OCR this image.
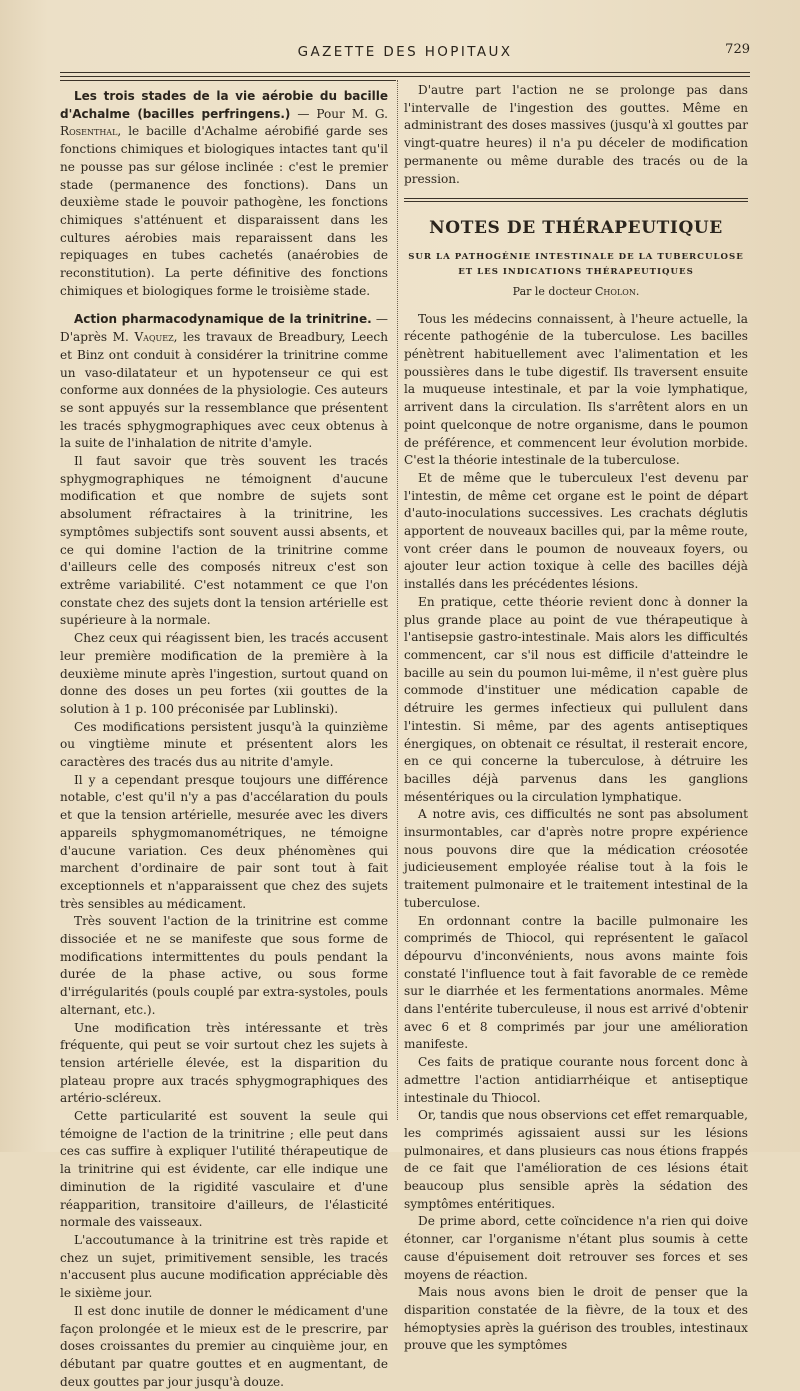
GAZETTE DES HOPITAUX	729

Les trois stades de la vie aérobie du bacille d'Achalme (bacilles perfringens.) — Pour M. G. Rosenthal, le bacille d'Achalme aérobifié garde ses fonctions chimiques et biologiques intactes tant qu'il ne pousse pas sur gélose inclinée : c'est le premier stade (permanence des fonctions). Dans un deuxième stade le pouvoir pathogène, les fonctions chimiques s'atténuent et disparaissent dans les cultures aérobies mais reparaissent dans les repiquages en tubes cachetés (anaérobies de reconstitution). La perte définitive des fonctions chimiques et biologiques forme le troisième stade.

Action pharmacodynamique de la trinitrine. — D'après M. Vaquez, les travaux de Breadbury, Leech et Binz ont conduit à considérer la trinitrine comme un vaso-dilatateur et un hypotenseur ce qui est conforme aux données de la physiologie. Ces auteurs se sont appuyés sur la ressemblance que présentent les tracés sphygmographiques avec ceux obtenus à la suite de l'inhalation de nitrite d'amyle.

Il faut savoir que très souvent les tracés sphygmographiques ne témoignent d'aucune modification et que nombre de sujets sont absolument réfractaires à la trinitrine, les symptômes subjectifs sont souvent aussi absents, et ce qui domine l'action de la trinitrine comme d'ailleurs celle des composés nitreux c'est son extrême variabilité. C'est notamment ce que l'on constate chez des sujets dont la tension artérielle est supérieure à la normale.

Chez ceux qui réagissent bien, les tracés accusent leur première modification de la première à la deuxième minute après l'ingestion, surtout quand on donne des doses un peu fortes (xii gouttes de la solution à 1 p. 100 préconisée par Lublinski).

Ces modifications persistent jusqu'à la quinzième ou vingtième minute et présentent alors les caractères des tracés dus au nitrite d'amyle.

Il y a cependant presque toujours une différence notable, c'est qu'il n'y a pas d'accélaration du pouls et que la tension artérielle, mesurée avec les divers appareils sphygmomanométriques, ne témoigne d'aucune variation. Ces deux phénomènes qui marchent d'ordinaire de pair sont tout à fait exceptionnels et n'apparaissent que chez des sujets très sensibles au médicament.

Très souvent l'action de la trinitrine est comme dissociée et ne se manifeste que sous forme de modifications intermittentes du pouls pendant la durée de la phase active, ou sous forme d'irrégularités (pouls couplé par extra-systoles, pouls alternant, etc.).

Une modification très intéressante et très fréquente, qui peut se voir surtout chez les sujets à tension artérielle élevée, est la disparition du plateau propre aux tracés sphygmographiques des artério-scléreux.

Cette particularité est souvent la seule qui témoigne de l'action de la trinitrine ; elle peut dans ces cas suffire à expliquer l'utilité thérapeutique de la trinitrine qui est évidente, car elle indique une diminution de la rigidité vasculaire et d'une réapparition, transitoire d'ailleurs, de l'élasticité normale des vaisseaux.

L'accoutumance à la trinitrine est très rapide et chez un sujet, primitivement sensible, les tracés n'accusent plus aucune modification appréciable dès le sixième jour.

Il est donc inutile de donner le médicament d'une façon prolongée et le mieux est de le prescrire, par doses croissantes du premier au cinquième jour, en débutant par quatre gouttes et en augmentant, de deux gouttes par jour jusqu'à douze.

D'autre part l'action ne se prolonge pas dans l'intervalle de l'ingestion des gouttes. Même en administrant des doses massives (jusqu'à xl gouttes par vingt-quatre heures) il n'a pu déceler de modification permanente ou même durable des tracés ou de la pression.

NOTES DE THÉRAPEUTIQUE
SUR LA PATHOGÉNIE INTESTINALE DE LA TUBERCULOSE
ET LES INDICATIONS THÉRAPEUTIQUES
Par le docteur Cholon.

Tous les médecins connaissent, à l'heure actuelle, la récente pathogénie de la tuberculose. Les bacilles pénètrent habituellement avec l'alimentation et les poussières dans le tube digestif. Ils traversent ensuite la muqueuse intestinale, et par la voie lymphatique, arrivent dans la circulation. Ils s'arrêtent alors en un point quelconque de notre organisme, dans le poumon de préférence, et commencent leur évolution morbide. C'est la théorie intestinale de la tuberculose.

Et de même que le tuberculeux l'est devenu par l'intestin, de même cet organe est le point de départ d'auto-inoculations successives. Les crachats déglutis apportent de nouveaux bacilles qui, par la même route, vont créer dans le poumon de nouveaux foyers, ou ajouter leur action toxique à celle des bacilles déjà installés dans les précédentes lésions.

En pratique, cette théorie revient donc à donner la plus grande place au point de vue thérapeutique à l'antisepsie gastro-intestinale. Mais alors les difficultés commencent, car s'il nous est difficile d'atteindre le bacille au sein du poumon lui-même, il n'est guère plus commode d'instituer une médication capable de détruire les germes infectieux qui pullulent dans l'intestin. Si même, par des agents antiseptiques énergiques, on obtenait ce résultat, il resterait encore, en ce qui concerne la tuberculose, à détruire les bacilles déjà parvenus dans les ganglions mésentériques ou la circulation lymphatique.

A notre avis, ces difficultés ne sont pas absolument insurmontables, car d'après notre propre expérience nous pouvons dire que la médication créosotée judicieusement employée réalise tout à la fois le traitement pulmonaire et le traitement intestinal de la tuberculose.

En ordonnant contre la bacille pulmonaire les comprimés de Thiocol, qui représentent le gaïacol dépourvu d'inconvénients, nous avons mainte fois constaté l'influence tout à fait favorable de ce remède sur le diarrhée et les fermentations anormales. Même dans l'entérite tuberculeuse, il nous est arrivé d'obtenir avec 6 et 8 comprimés par jour une amélioration manifeste.

Ces faits de pratique courante nous forcent donc à admettre l'action antidiarrhéique et antiseptique intestinale du Thiocol.

Or, tandis que nous observions cet effet remarquable, les comprimés agissaient aussi sur les lésions pulmonaires, et dans plusieurs cas nous étions frappés de ce fait que l'amélioration de ces lésions était beaucoup plus sensible après la sédation des symptômes entéritiques.

De prime abord, cette coïncidence n'a rien qui doive étonner, car l'organisme n'étant plus soumis à cette cause d'épuisement doit retrouver ses forces et ses moyens de réaction.

Mais nous avons bien le droit de penser que la disparition constatée de la fièvre, de la toux et des hémoptysies après la guérison des troubles, intestinaux prouve que les symptômes
